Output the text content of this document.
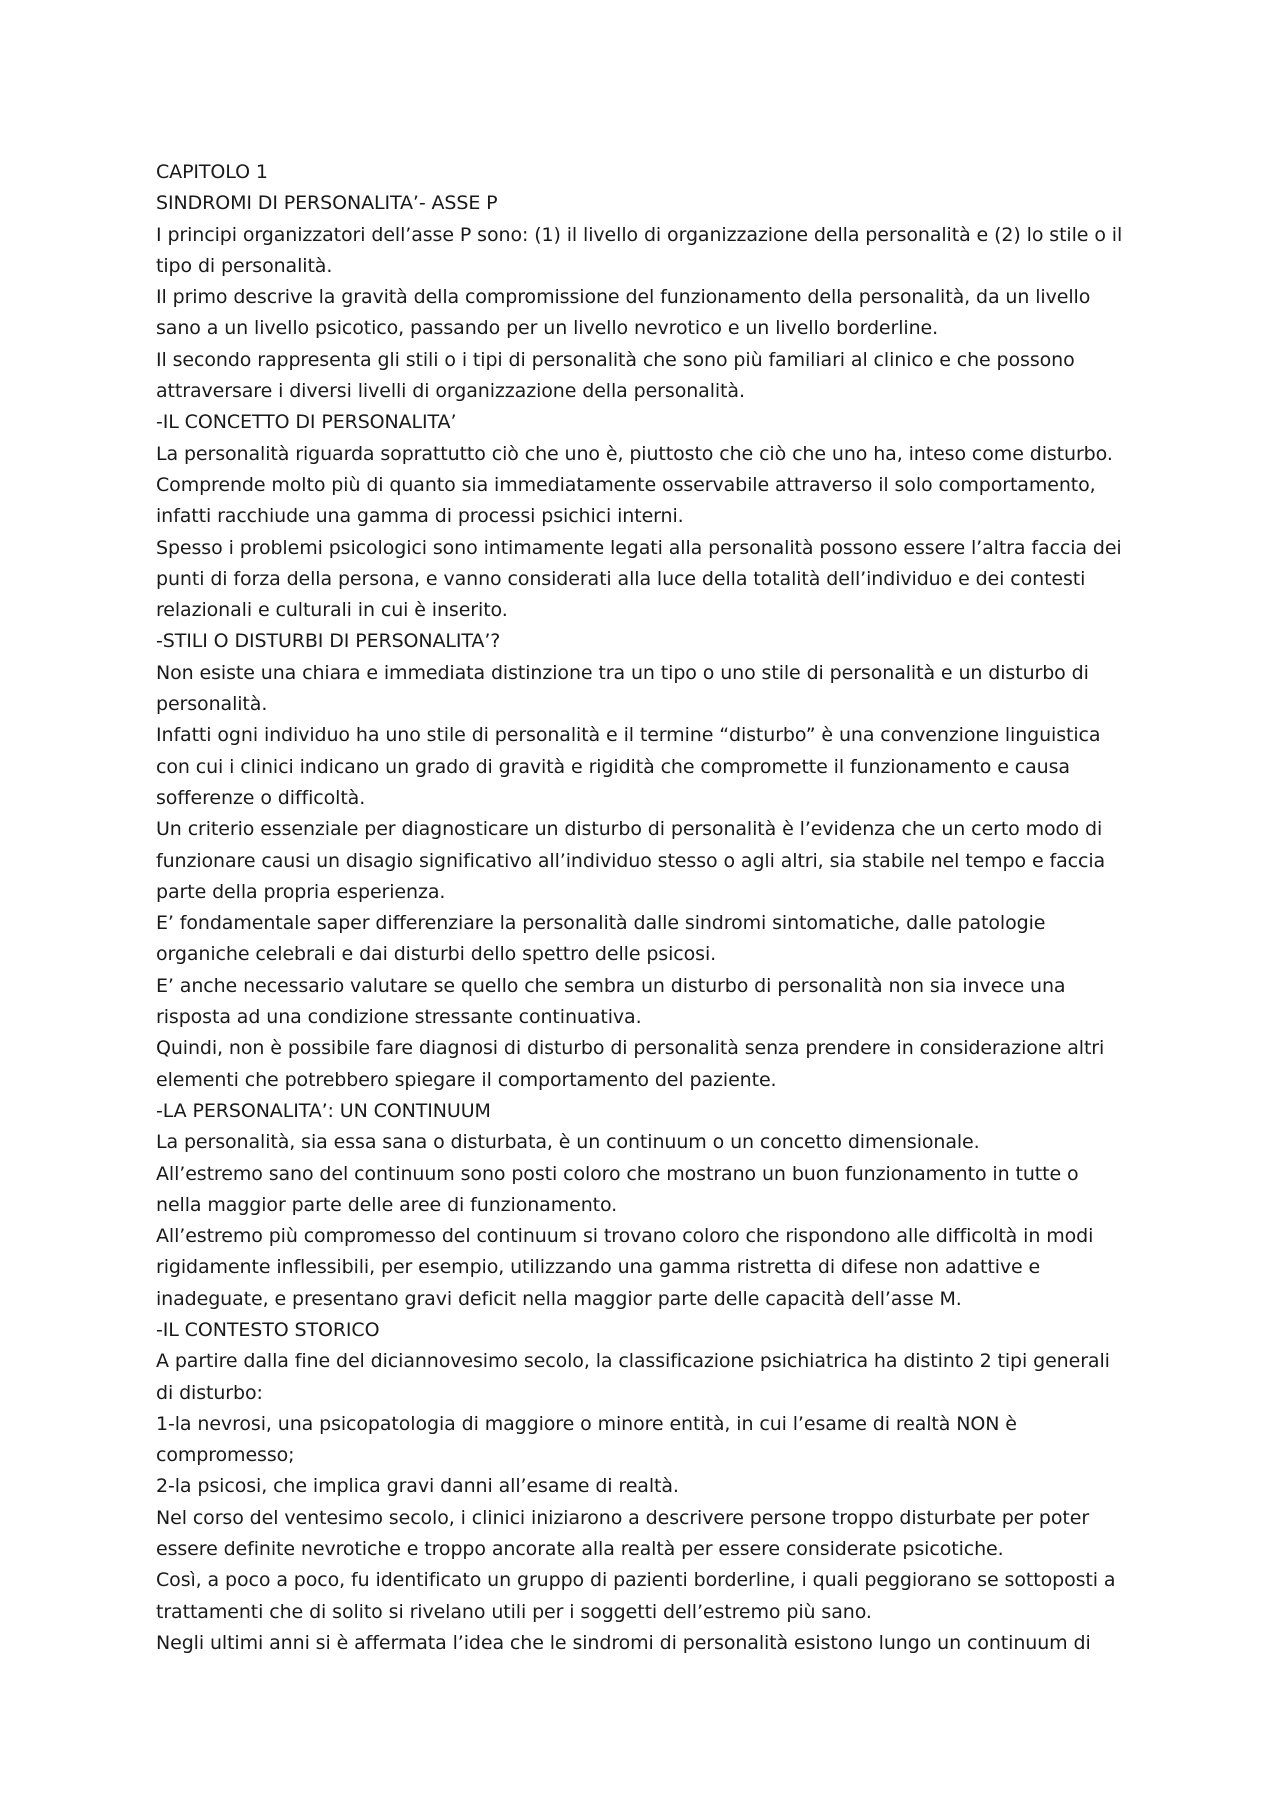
CAPITOLO 1

SINDROMI DI PERSONALITA’- ASSE P

I principi organizzatori dell’asse P sono: (1) il livello di organizzazione della personalità e (2) lo stile o il tipo di personalità.

Il primo descrive la gravità della compromissione del funzionamento della personalità, da un livello sano a un livello psicotico, passando per un livello nevrotico e un livello borderline.

Il secondo rappresenta gli stili o i tipi di personalità che sono più familiari al clinico e che possono attraversare i diversi livelli di organizzazione della personalità.

-IL CONCETTO DI PERSONALITA’

La personalità riguarda soprattutto ciò che uno è, piuttosto che ciò che uno ha, inteso come disturbo. Comprende molto più di quanto sia immediatamente osservabile attraverso il solo comportamento, infatti racchiude una gamma di processi psichici interni.

Spesso i problemi psicologici sono intimamente legati alla personalità possono essere l’altra faccia dei punti di forza della persona, e vanno considerati alla luce della totalità dell’individuo e dei contesti relazionali e culturali in cui è inserito.

-STILI O DISTURBI DI PERSONALITA’?

Non esiste una chiara e immediata distinzione tra un tipo o uno stile di personalità e un disturbo di personalità.

Infatti ogni individuo ha uno stile di personalità e il termine “disturbo” è una convenzione linguistica con cui i clinici indicano un grado di gravità e rigidità che compromette il funzionamento e causa sofferenze o difficoltà.

Un criterio essenziale per diagnosticare un disturbo di personalità è l’evidenza che un certo modo di funzionare causi un disagio significativo all’individuo stesso o agli altri, sia stabile nel tempo e faccia parte della propria esperienza.

E’ fondamentale saper differenziare la personalità dalle sindromi sintomatiche, dalle patologie organiche celebrali e dai disturbi dello spettro delle psicosi.

E’ anche necessario valutare se quello che sembra un disturbo di personalità non sia invece una risposta ad una condizione stressante continuativa.

Quindi, non è possibile fare diagnosi di disturbo di personalità senza prendere in considerazione altri elementi che potrebbero spiegare il comportamento del paziente.

-LA PERSONALITA’: UN CONTINUUM

La personalità, sia essa sana o disturbata, è un continuum o un concetto dimensionale.

All’estremo sano del continuum sono posti coloro che mostrano un buon funzionamento in tutte o nella maggior parte delle aree di funzionamento.

All’estremo più compromesso del continuum si trovano coloro che rispondono alle difficoltà in modi rigidamente inflessibili, per esempio, utilizzando una gamma ristretta di difese non adattive e inadeguate, e presentano gravi deficit nella maggior parte delle capacità dell’asse M.

-IL CONTESTO STORICO

A partire dalla fine del diciannovesimo secolo, la classificazione psichiatrica ha distinto 2 tipi generali di disturbo:

1-la nevrosi, una psicopatologia di maggiore o minore entità, in cui l’esame di realtà NON è compromesso;

2-la psicosi, che implica gravi danni all’esame di realtà.

Nel corso del ventesimo secolo, i clinici iniziarono a descrivere persone troppo disturbate per poter essere definite nevrotiche e troppo ancorate alla realtà per essere considerate psicotiche.

Così, a poco a poco, fu identificato un gruppo di pazienti borderline, i quali peggiorano se sottoposti a trattamenti che di solito si rivelano utili per i soggetti dell’estremo più sano.

Negli ultimi anni si è affermata l’idea che le sindromi di personalità esistono lungo un continuum di
